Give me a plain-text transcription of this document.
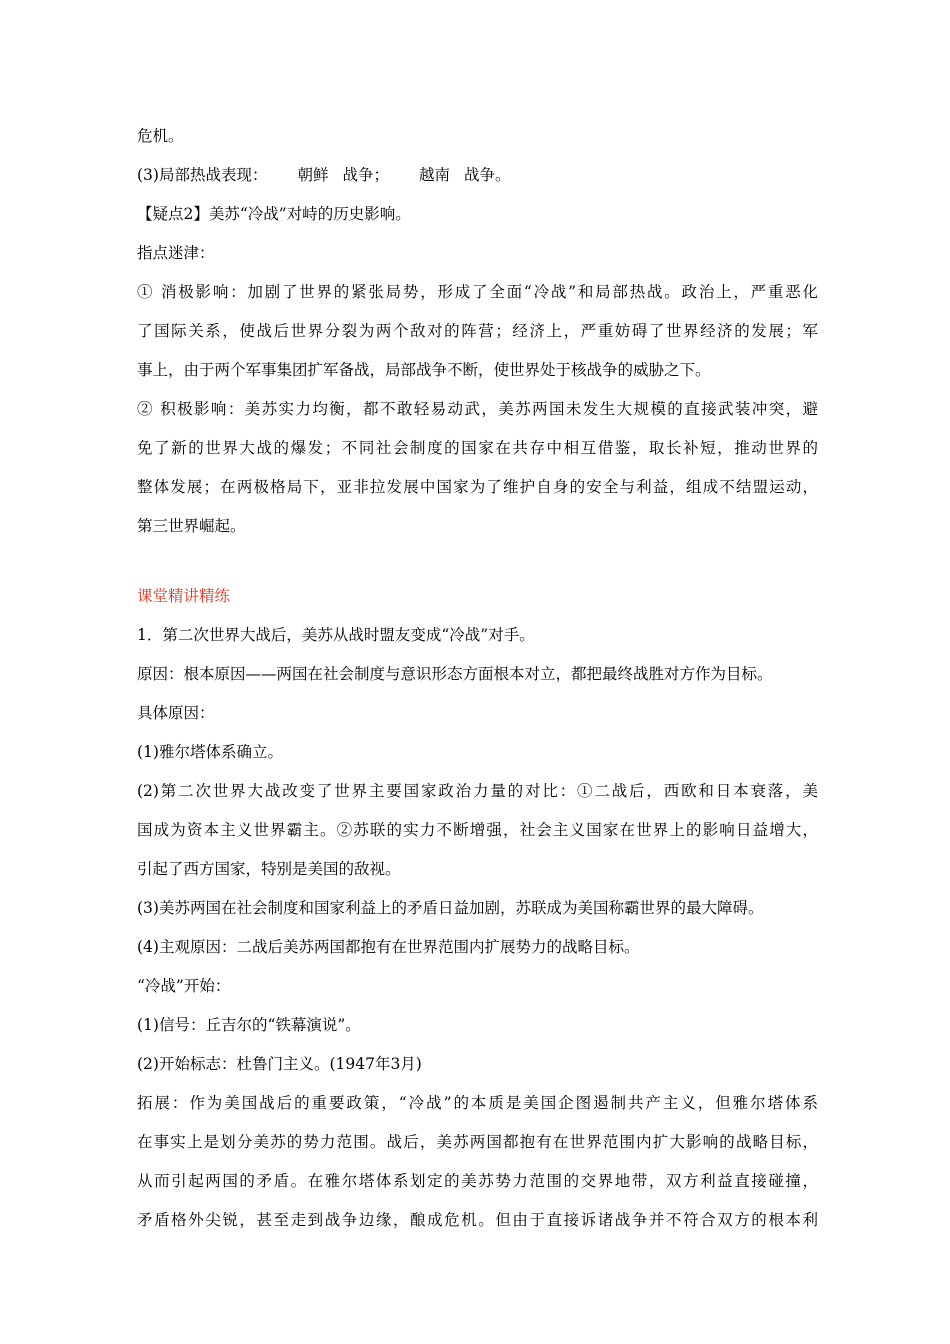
危机。
(3)局部热战表现： 朝鲜 战争； 越南 战争。
【疑点2】美苏“冷战”对峙的历史影响。
指点迷津：
① 消极影响：加剧了世界的紧张局势，形成了全面“冷战”和局部热战。政治上，严重恶化
了国际关系，使战后世界分裂为两个敌对的阵营；经济上，严重妨碍了世界经济的发展；军
事上，由于两个军事集团扩军备战，局部战争不断，使世界处于核战争的威胁之下。
② 积极影响：美苏实力均衡，都不敢轻易动武，美苏两国未发生大规模的直接武装冲突，避
免了新的世界大战的爆发；不同社会制度的国家在共存中相互借鉴，取长补短，推动世界的
整体发展；在两极格局下，亚非拉发展中国家为了维护自身的安全与利益，组成不结盟运动，
第三世界崛起。
课堂精讲精练
1．第二次世界大战后，美苏从战时盟友变成“冷战”对手。
原因：根本原因——两国在社会制度与意识形态方面根本对立，都把最终战胜对方作为目标。
具体原因：
(1)雅尔塔体系确立。
(2)第二次世界大战改变了世界主要国家政治力量的对比：①二战后，西欧和日本衰落，美
国成为资本主义世界霸主。②苏联的实力不断增强，社会主义国家在世界上的影响日益增大，
引起了西方国家，特别是美国的敌视。
(3)美苏两国在社会制度和国家利益上的矛盾日益加剧，苏联成为美国称霸世界的最大障碍。
(4)主观原因：二战后美苏两国都抱有在世界范围内扩展势力的战略目标。
“冷战”开始：
(1)信号：丘吉尔的“铁幕演说”。
(2)开始标志：杜鲁门主义。(1947年3月)
拓展：作为美国战后的重要政策，“冷战”的本质是美国企图遏制共产主义，但雅尔塔体系
在事实上是划分美苏的势力范围。战后，美苏两国都抱有在世界范围内扩大影响的战略目标，
从而引起两国的矛盾。在雅尔塔体系划定的美苏势力范围的交界地带，双方利益直接碰撞，
矛盾格外尖锐，甚至走到战争边缘，酿成危机。但由于直接诉诸战争并不符合双方的根本利
